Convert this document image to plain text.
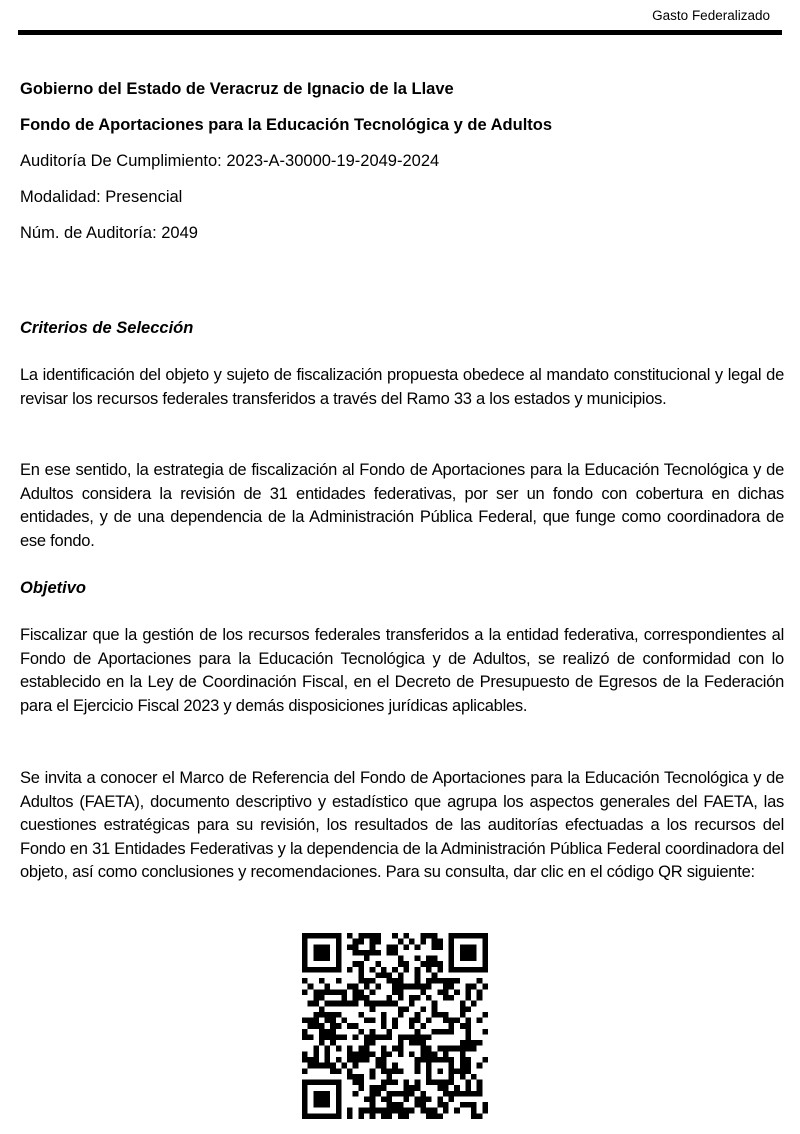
Gasto Federalizado
Gobierno del Estado de Veracruz de Ignacio de la Llave
Fondo de Aportaciones para la Educación Tecnológica y de Adultos
Auditoría De Cumplimiento: 2023-A-30000-19-2049-2024
Modalidad: Presencial
Núm. de Auditoría: 2049
Criterios de Selección
La identificación del objeto y sujeto de fiscalización propuesta obedece al mandato constitucional y legal de revisar los recursos federales transferidos a través del Ramo 33 a los estados y municipios.
En ese sentido, la estrategia de fiscalización al Fondo de Aportaciones para la Educación Tecnológica y de Adultos considera la revisión de 31 entidades federativas, por ser un fondo con cobertura en dichas entidades, y de una dependencia de la Administración Pública Federal, que funge como coordinadora de ese fondo.
Objetivo
Fiscalizar que la gestión de los recursos federales transferidos a la entidad federativa, correspondientes al Fondo de Aportaciones para la Educación Tecnológica y de Adultos, se realizó de conformidad con lo establecido en la Ley de Coordinación Fiscal, en el Decreto de Presupuesto de Egresos de la Federación para el Ejercicio Fiscal 2023 y demás disposiciones jurídicas aplicables.
Se invita a conocer el Marco de Referencia del Fondo de Aportaciones para la Educación Tecnológica y de Adultos (FAETA), documento descriptivo y estadístico que agrupa los aspectos generales del FAETA, las cuestiones estratégicas para su revisión, los resultados de las auditorías efectuadas a los recursos del Fondo en 31 Entidades Federativas y la dependencia de la Administración Pública Federal coordinadora del objeto, así como conclusiones y recomendaciones. Para su consulta, dar clic en el código QR siguiente:
